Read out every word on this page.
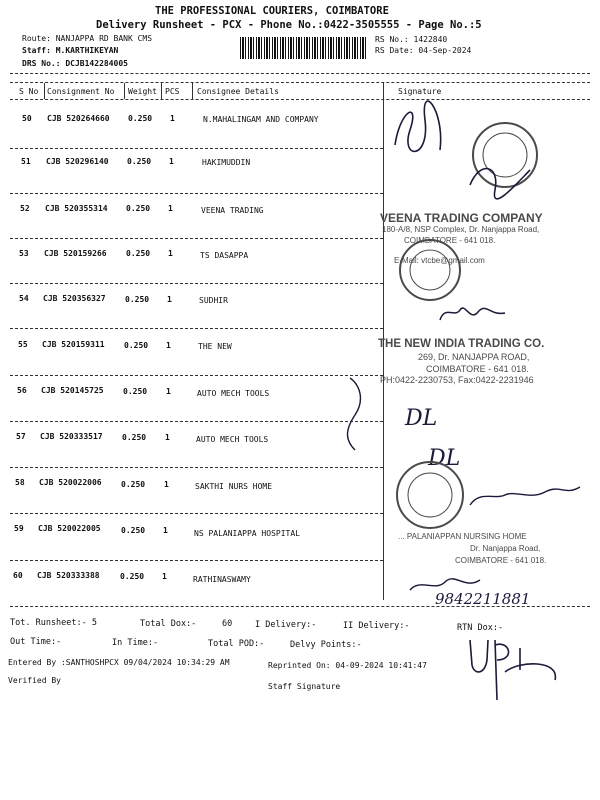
THE PROFESSIONAL COURIERS, COIMBATORE
Delivery Runsheet - PCX - Phone No.:0422-3505555 - Page No.:5
Route: NANJAPPA RD BANK CMS
Staff: M.KARTHIKEYAN
DRS No.: DCJB142284005
RS No.: 1422840
RS Date: 04-Sep-2024
S No Consignment No Weight PCS Consignee Details	Signature
50 CJB 520264660 0.250 1	N.MAHALINGAM AND COMPANY
51 CJB 520296140 0.250 1	HAKIMUDDIN
52 CJB 520355314 0.250 1	VEENA TRADING
53 CJB 520159266 0.250 1	TS DASAPPA
54 CJB 520356327 0.250 1	SUDHIR
55 CJB 520159311 0.250 1	THE NEW
56 CJB 520145725 0.250 1	AUTO MECH TOOLS
57 CJB 520333517 0.250 1	AUTO MECH TOOLS
58 CJB 520022006 0.250 1	SAKTHI NURS HOME
59 CJB 520022005	0.250 1	NS PALANIAPPA HOSPITAL
60 CJB 520333388	0.250 1	RATHINASWAMY
DL
DL
VEENA TRADING COMPANY
180-A/8, NSP Complex, Dr. Nanjappa Road,
COIMBATORE - 641 018.
E-Mail: vtcbe@gmail.com
THE NEW INDIA TRADING CO.
269, Dr. NANJAPPA ROAD,
COIMBATORE - 641 018.
PH:0422-2230753, Fax:0422-2231946
... PALANIAPPAN NURSING HOME
Dr. Nanjappa Road,
COIMBATORE - 641 018.
9842211881
Tot. Runsheet:- 5	Total Dox:-	60	I Delivery:-	II Delivery:-	RTN Dox:-
Out Time:-	In Time:-	Total POD:-	Delvy Points:-
Entered By :SANTHOSHPCX 09/04/2024 10:34:29 AM	Reprinted On: 04-09-2024 10:41:47
Verified By
Staff Signature
